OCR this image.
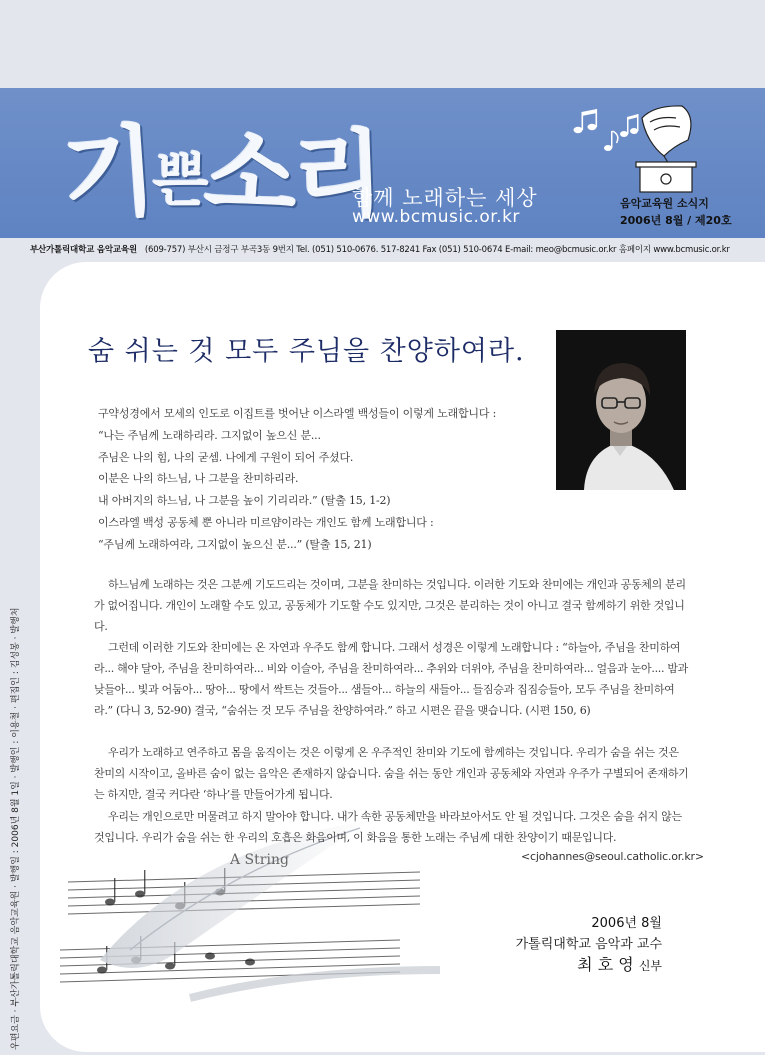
기쁜소리
함께 노래하는 세상
www.bcmusic.or.kr
음악교육원 소식지
2006년 8월 / 제20호
부산가톨릭대학교 음악교육원 (609-757) 부산시 금정구 부곡3동 9번지 Tel. (051) 510-0676. 517-8241 Fax (051) 510-0674 E-mail: meo@bcmusic.or.kr 홈페이지 www.bcmusic.or.kr
A String
숨 쉬는 것 모두 주님을 찬양하여라.
구약성경에서 모세의 인도로 이집트를 벗어난 이스라엘 백성들이 이렇게 노래합니다 :
“나는 주님께 노래하리라. 그지없이 높으신 분...
주님은 나의 힘, 나의 굳셈. 나에게 구원이 되어 주셨다.
이분은 나의 하느님, 나 그분을 찬미하리라.
내 아버지의 하느님, 나 그분을 높이 기리리라.” (탈출 15, 1-2)
이스라엘 백성 공동체 뿐 아니라 미르얌이라는 개인도 함께 노래합니다 :
“주님께 노래하여라, 그지없이 높으신 분...” (탈출 15, 21)
하느님께 노래하는 것은 그분께 기도드리는 것이며, 그분을 찬미하는 것입니다. 이러한 기도와 찬미에는 개인과 공동체의 분리가 없어집니다. 개인이 노래할 수도 있고, 공동체가 기도할 수도 있지만, 그것은 분리하는 것이 아니고 결국 함께하기 위한 것입니다.
그런데 이러한 기도와 찬미에는 온 자연과 우주도 함께 합니다. 그래서 성경은 이렇게 노래합니다 : “하늘아, 주님을 찬미하여라... 해야 달아, 주님을 찬미하여라... 비와 이슬아, 주님을 찬미하여라... 추위와 더위야, 주님을 찬미하여라... 얼음과 눈아.... 밤과 낮들아... 빛과 어둠아... 땅아... 땅에서 싹트는 것들아... 샘들아... 하늘의 새들아... 들짐승과 집짐승들아, 모두 주님을 찬미하여라.” (다니 3, 52-90) 결국, “숨쉬는 것 모두 주님을 찬양하여라.” 하고 시편은 끝을 맺습니다. (시편 150, 6)
우리가 노래하고 연주하고 몸을 움직이는 것은 이렇게 온 우주적인 찬미와 기도에 함께하는 것입니다. 우리가 숨을 쉬는 것은 찬미의 시작이고, 올바른 숨이 없는 음악은 존재하지 않습니다. 숨을 쉬는 동안 개인과 공동체와 자연과 우주가 구별되어 존재하기는 하지만, 결국 커다란 ‘하나’를 만들어가게 됩니다.
우리는 개인으로만 머물려고 하지 말아야 합니다. 내가 속한 공동체만을 바라보아서도 안 될 것입니다. 그것은 숨을 쉬지 않는 것입니다. 우리가 숨을 쉬는 한 우리의 호흡은 화음이며, 이 화음을 통한 노래는 주님께 대한 찬양이기 때문입니다.
<cjohannes@seoul.catholic.or.kr>
2006년 8월
가톨릭대학교 음악과 교수
최 호 영 신부
우편요금 · 부산가톨릭대학교 음악교육원 · 발행일 : 2006년 8월 1일 · 발행인 : 이용철 · 편집인 : 김성봉 · 발행처
